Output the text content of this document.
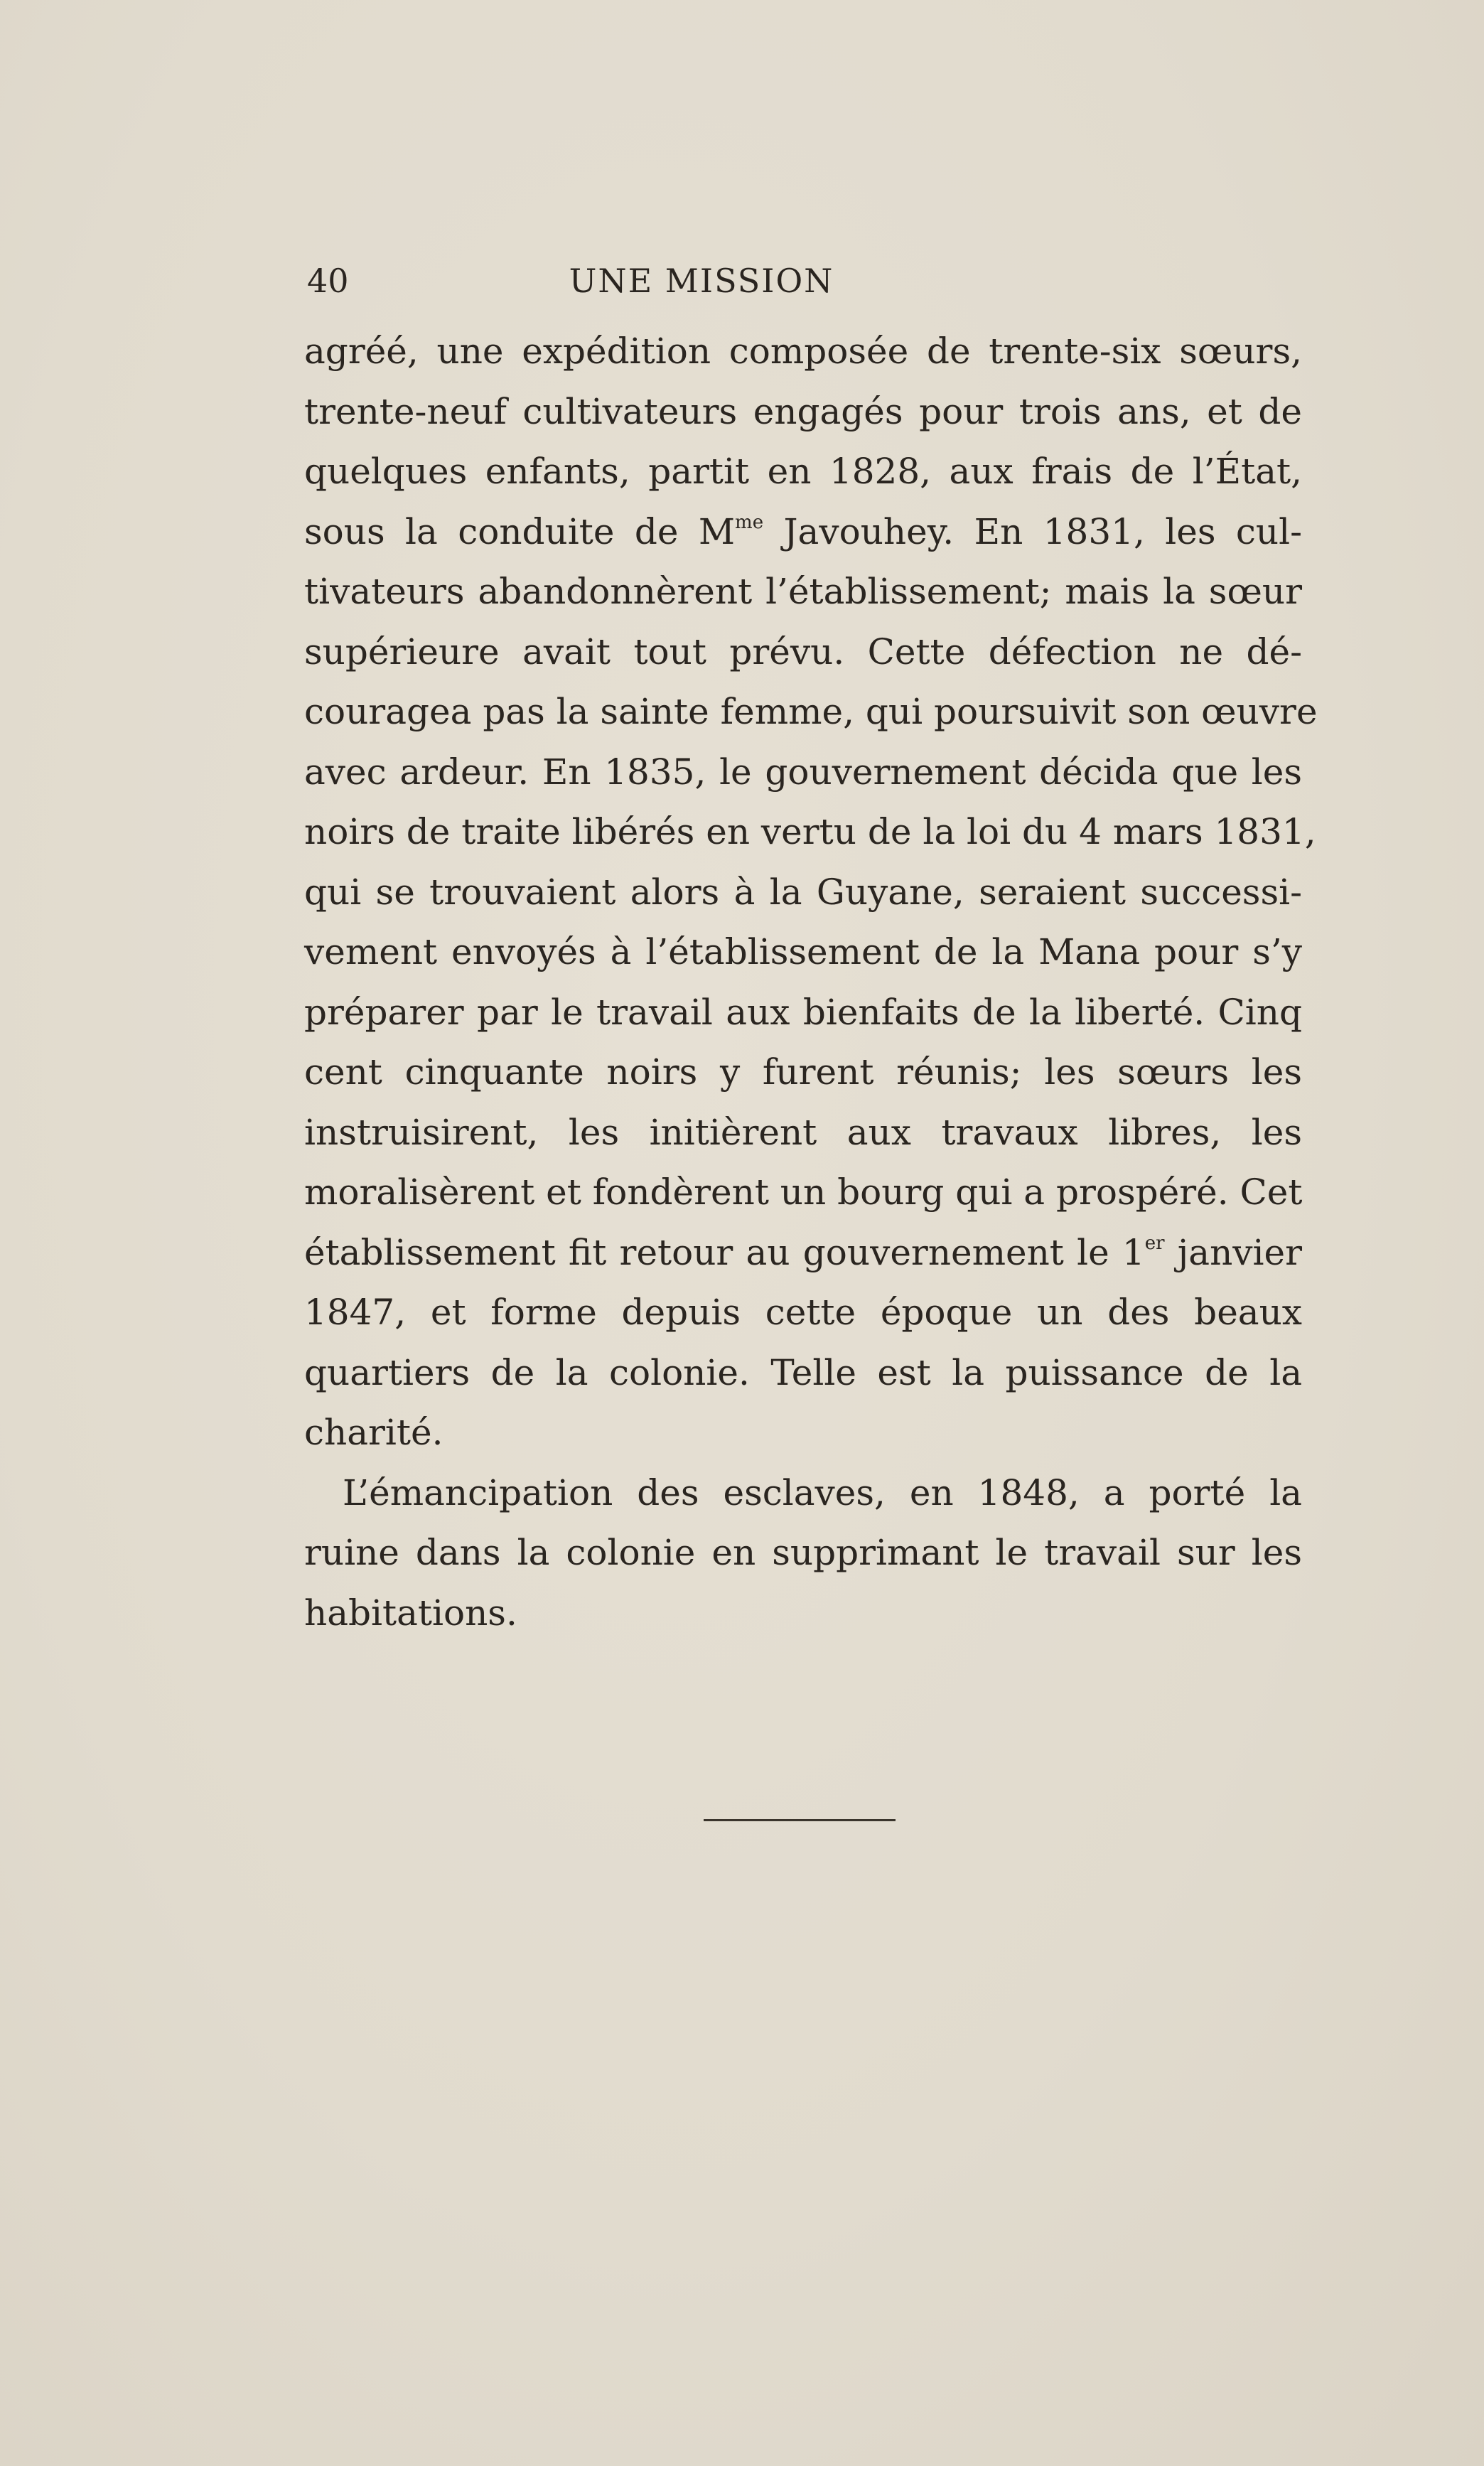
40	UNE MISSION
agréé, une expédition composée de trente-six sœurs,
trente-neuf cultivateurs engagés pour trois ans, et de
quelques enfants, partit en 1828, aux frais de l’État,
sous la conduite de $M^{me}$ Javouhey. En 1831, les cul-
tivateurs abandonnèrent l’établissement; mais la sœur
supérieure avait tout prévu. Cette défection ne dé-
couragea pas la sainte femme, qui poursuivit son œuvre
avec ardeur. En 1835, le gouvernement décida que les
noirs de traite libérés en vertu de la loi du 4 mars 1831,
qui se trouvaient alors à la Guyane, seraient successi-
vement envoyés à l’établissement de la Mana pour s’y
préparer par le travail aux bienfaits de la liberté. Cinq
cent cinquante noirs y furent réunis; les sœurs les
instruisirent, les initièrent aux travaux libres, les
moralisèrent et fondèrent un bourg qui a prospéré. Cet
établissement fit retour au gouvernement le 1er janvier
1847, et forme depuis cette époque un des beaux
quartiers de la colonie. Telle est la puissance de la
charité.
L’émancipation des esclaves, en 1848, a porté la
ruine dans la colonie en supprimant le travail sur les
habitations.
